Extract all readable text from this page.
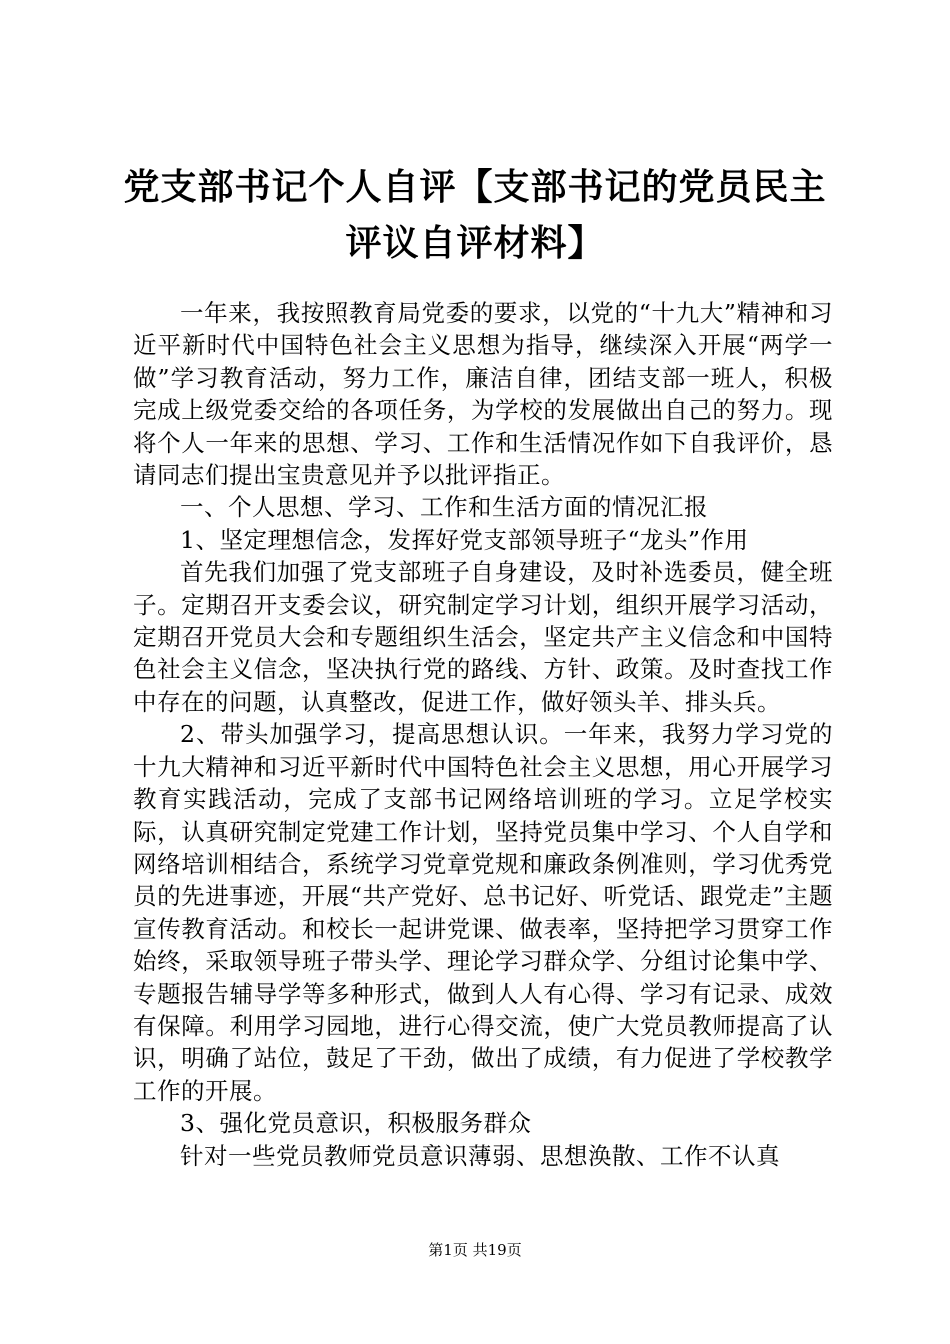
党支部书记个人自评【支部书记的党员民主评议自评材料】

一年来，我按照教育局党委的要求，以党的“十九大”精神和习近平新时代中国特色社会主义思想为指导，继续深入开展“两学一做”学习教育活动，努力工作，廉洁自律，团结支部一班人，积极完成上级党委交给的各项任务，为学校的发展做出自己的努力。现将个人一年来的思想、学习、工作和生活情况作如下自我评价，恳请同志们提出宝贵意见并予以批评指正。

一、个人思想、学习、工作和生活方面的情况汇报

1、坚定理想信念，发挥好党支部领导班子“龙头”作用

首先我们加强了党支部班子自身建设，及时补选委员，健全班子。定期召开支委会议，研究制定学习计划，组织开展学习活动，定期召开党员大会和专题组织生活会，坚定共产主义信念和中国特色社会主义信念，坚决执行党的路线、方针、政策。及时查找工作中存在的问题，认真整改，促进工作，做好领头羊、排头兵。

2、带头加强学习，提高思想认识。一年来，我努力学习党的十九大精神和习近平新时代中国特色社会主义思想，用心开展学习教育实践活动，完成了支部书记网络培训班的学习。立足学校实际，认真研究制定党建工作计划，坚持党员集中学习、个人自学和网络培训相结合，系统学习党章党规和廉政条例准则，学习优秀党员的先进事迹，开展“共产党好、总书记好、听党话、跟党走”主题宣传教育活动。和校长一起讲党课、做表率，坚持把学习贯穿工作始终，采取领导班子带头学、理论学习群众学、分组讨论集中学、专题报告辅导学等多种形式，做到人人有心得、学习有记录、成效有保障。利用学习园地，进行心得交流，使广大党员教师提高了认识，明确了站位，鼓足了干劲，做出了成绩，有力促进了学校教学工作的开展。

3、强化党员意识，积极服务群众

针对一些党员教师党员意识薄弱、思想涣散、工作不认真

第1页 共19页
